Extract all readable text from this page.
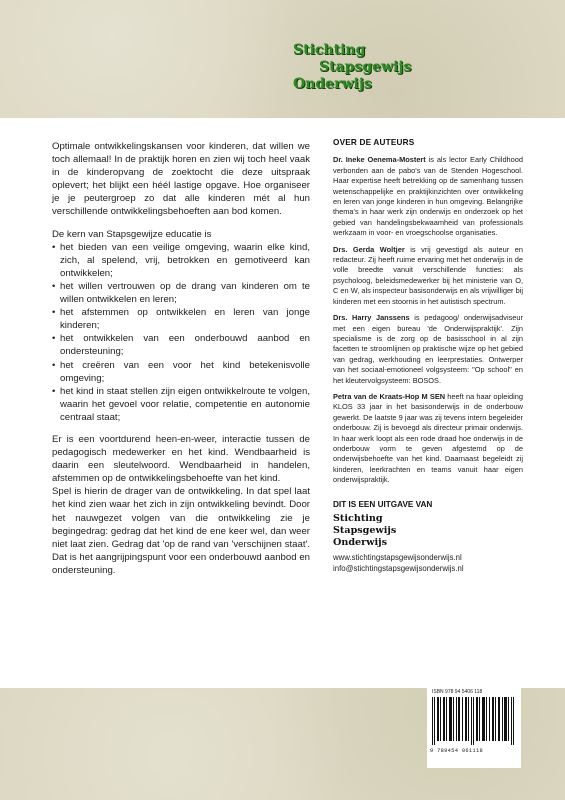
Stichting
Stapsgewijs
Onderwijs

Optimale ontwikkelingskansen voor kinderen, dat willen we toch allemaal! In de praktijk horen en zien wij toch heel vaak in de kinderopvang de zoektocht die deze uitspraak oplevert; het blijkt een héél lastige opgave. Hoe organiseer je je peutergroep zo dat alle kinderen mét al hun verschillende ontwikkelingsbehoeften aan bod komen.

De kern van Stapsgewijze educatie is
• het bieden van een veilige omgeving, waarin elke kind, zich, al spelend, vrij, betrokken en gemotiveerd kan ontwikkelen;
• het willen vertrouwen op de drang van kinderen om te willen ontwikkelen en leren;
• het afstemmen op ontwikkelen en leren van jonge kinderen;
• het ontwikkelen van een onderbouwd aanbod en ondersteuning;
• het creëren van een voor het kind betekenisvolle omgeving;
• het kind in staat stellen zijn eigen ontwikkelroute te volgen, waarin het gevoel voor relatie, competentie en autonomie centraal staat;

Er is een voortdurend heen-en-weer, interactie tussen de pedagogisch medewerker en het kind. Wendbaarheid is daarin een sleutelwoord. Wendbaarheid in handelen, afstemmen op de ontwikkelingsbehoefte van het kind.

Spel is hierin de drager van de ontwikkeling. In dat spel laat het kind zien waar het zich in zijn ontwikkeling bevindt. Door het nauwgezet volgen van die ontwikkeling zie je begingedrag: gedrag dat het kind de ene keer wel, dan weer niet laat zien. Gedrag dat 'op de rand van 'verschijnen staat'. Dat is het aangrijpingspunt voor een onderbouwd aanbod en ondersteuning.

OVER DE AUTEURS

Dr. Ineke Oenema-Mostert is als lector Early Childhood verbonden aan de pabo's van de Stenden Hogeschool. Haar expertise heeft betrekking op de samenhang tussen wetenschappelijke en praktijkinzichten over ontwikkeling en leren van jonge kinderen in hun omgeving. Belangrijke thema's in haar werk zijn onderwijs en onderzoek op het gebied van handelingsbekwaamheid van professionals werkzaam in voor- en vroegschoolse organisaties.

Drs. Gerda Woltjer is vrij gevestigd als auteur en redacteur. Zij heeft ruime ervaring met het onderwijs in de volle breedte vanuit verschillende functies: als psycholoog, beleidsmedewerker bij het ministerie van O, C en W, als inspecteur basisonderwijs en als vrijwilliger bij kinderen met een stoornis in het autistisch spectrum.

Drs. Harry Janssens is pedagoog/ onderwijsadviseur met een eigen bureau 'de Onderwijspraktijk'. Zijn specialisme is de zorg op de basisschool in al zijn facetten te stroomlijnen op praktische wijze op het gebied van gedrag, werkhouding en leerprestaties. Ontwerper van het sociaal-emotioneel volgsysteem: "Op school" en het kleutervolgsysteem: BOSOS.

Petra van de Kraats-Hop M SEN heeft na haar opleiding KLOS 33 jaar in het basisonderwijs in de onderbouw gewerkt. De laatste 9 jaar was zij tevens intern begeleider onderbouw. Zij is bevoegd als directeur primair onderwijs. In haar werk loopt als een rode draad hoe onderwijs in de onderbouw vorm te geven afgestemd op de onderwijsbehoefte van het kind. Daarnaast begeleidt zij kinderen, leerkrachten en teams vanuit haar eigen onderwijspraktijk.

DIT IS EEN UITGAVE VAN
Stichting
Stapsgewijs
Onderwijs
www.stichtingstapsgewijsonderwijs.nl
info@stichtingstapsgewijsonderwijs.nl
ISBN 978 94 5406 118
9 789454 061118
